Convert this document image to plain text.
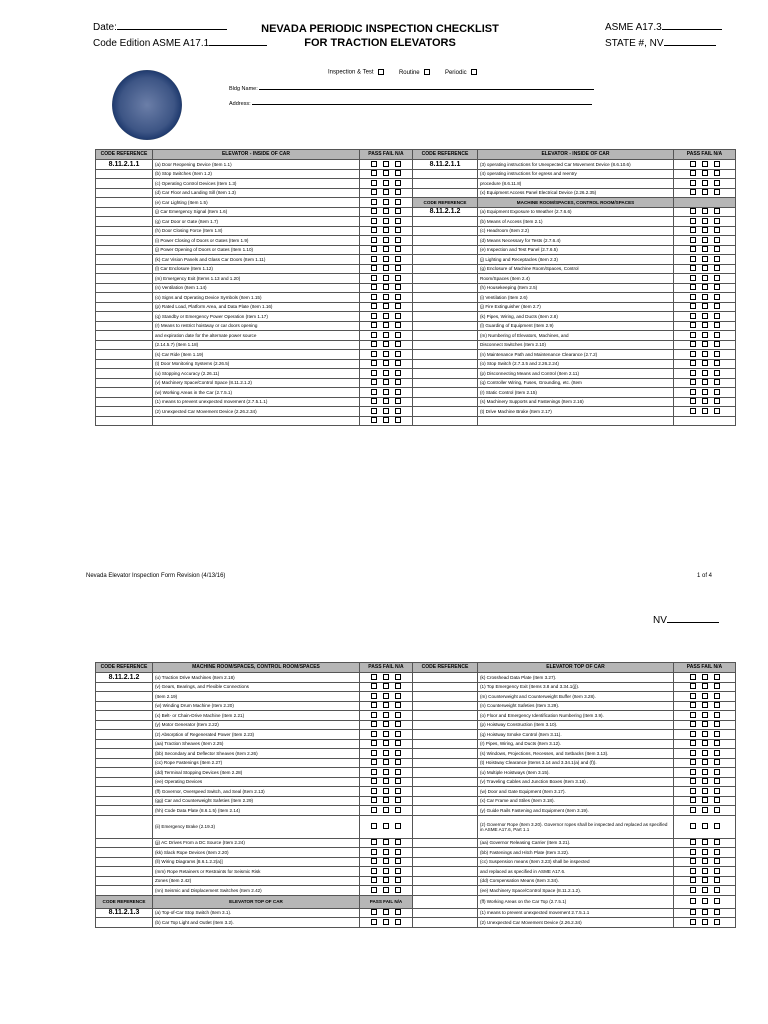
Date:
Code Edition ASME A17.1
NEVADA PERIODIC INSPECTION CHECKLIST
FOR TRACTION ELEVATORS
ASME A17.3
STATE #, NV
Inspection & Test	Routine	Periodic
Bldg Name:
Address:
Nevada Elevator Inspection Form Revision (4/13/16)	1 of 4
NV
CODE REFERENCE	ELEVATOR - INSIDE OF CAR	PASS FAIL N/A	CODE REFERENCE	ELEVATOR - INSIDE OF CAR	PASS FAIL N/A
8.11.2.1.1	(a) Door Reopening Device (Item 1.1)		8.11.2.1.1	(3) operating instructions for Unexpected Car Movement Device (8.6.10.6)	
	(b) Stop Switches (Item 1.2)			(4) operating instructions for egress and reentry	
	(c) Operating Control Devices (Item 1.3)			procedure (8.6.11.8)	
	(d) Car Floor and Landing Sill (Item 1.3)			(x) Equipment Access Panel Electrical Device (2.26.2.35)	
	(e) Car Lighting (Item 1.5)		CODE REFERENCE	MACHINE ROOM/SPACES, CONTROL ROOM/SPACES	
	(j) Car Emergency Signal (Item 1.6)		8.11.2.1.2	(a) Equipment Exposure to Weather (2.7.6.6)	
	(g) Car Door or Gate (Item 1.7)			(b) Means of Access (Item 2.1)	
	(h) Door Closing Force (Item 1.8)			(c) Headroom (Item 2.2)	
	(i) Power Closing of Doors or Gates (Item 1.9)			(d) Means Necessary for Tests (2.7.6.4)	
	(j) Power Opening of Doors or Gates (Item 1.10)			(e) Inspection and Test Panel (2.7.6.5)	
	(k) Car Vision Panels and Glass Car Doors (Item 1.11)			(j) Lighting and Receptacles (Item 2.3)	
	(l) Car Enclosure (Item 1.12)			(g) Enclosure of Machine Room/Spaces, Control	
	(m) Emergency Exit (Items 1.13 and 1.20)			Room/Spaces (Item 2.4)	
	(n) Ventilation (Item 1.14)			(h) Housekeeping (Item 2.5)	
	(o) Signs and Operating Device Symbols (Item 1.15)			(i) Ventilation (Item 2.6)	
	(p) Rated Load, Platform Area, and Data Plate (Item 1.16)			(j) Fire Extinguisher (Item 2.7)	
	(q) Standby or Emergency Power Operation (Item 1.17)			(k) Pipes, Wiring, and Ducts (Item 2.8)	
	(r) Means to restrict hoistway or car doors opening			(l) Guarding of Equipment (Item 2.9)	
	and expiration date for the alternate power source			(m) Numbering of Elevators, Machines, and	
	(2.14.5.7) (Item 1.18)			Disconnect Switches (Item 2.10)	
	(s) Car Ride (Item 1.19)			(n) Maintenance Path and Maintenance Clearance (2.7.2)	
	(t) Door Monitoring Systems (2.26.5)			(o) Stop Switch (2.7.3.5 and 2.26.2.24)	
	(u) Stopping Accuracy (2.26.11)			(p) Disconnecting Means and Control (Item 2.11)	
	(v) Machinery Space/Control Space (8.11.2.1.2)			(q) Controller Wiring, Fuses, Grounding, etc. (Item	
	(w) Working Areas in the Car (2.7.5.1)			(r) Static Control (Item 2.15)	
	(1) means to prevent unexpected movement (2.7.5.1.1)			(s) Machinery Supports and Fastenings (Item 2.16)	
	(2) Unexpected Car Movement Device (2.26.2.34)			(t) Drive Machine Brake (Item 2.17)	

CODE REFERENCE	MACHINE ROOM/SPACES, CONTROL ROOM/SPACES	PASS FAIL N/A	CODE REFERENCE	ELEVATOR TOP OF CAR	PASS FAIL N/A
8.11.2.1.2	(u) Traction Drive Machines (Item 2.18)			(k) Crosshead Data Plate (Item 3.27).	
	(v) Gears, Bearings, and Flexible Connections			(1) Top Emergency Exit (Items 3.8 and 3.34.1(j)).	
	(Item 2.19)			(m) Counterweight and Counterweight Buffer (Item 3.28).	
	(w) Winding Drum Machine (Item 2.20)			(n) Counterweight Safeties (Item 3.29).	
	(x) Belt- or Chain-Drive Machine (Item 2.21)			(o) Floor and Emergency Identification Numbering (Item 3.9).	
	(y) Motor Generator (Item 2.22)			(p) Hoistway Construction (Item 3.10).	
	(z) Absorption of Regenerated Power (Item 2.23)			(q) Hoistway Smoke Control (Item 3.11).	
	(aa) Traction Sheaves (Item 2.25)			(r) Pipes, Wiring, and Ducts (Item 3.12).	
	(bb) Secondary and Deflector Sheaves (Item 2.26)			(s) Windows, Projections, Recesses, and Setbacks (Item 3.13).	
	(cc) Rope Fastenings (Item 2.27)			(t) Hoistway Clearance (Items 3.14 and 3.34.1(a) and (f)).	
	(dd) Terminal Stopping Devices (Item 2.28)			(u) Multiple Hoistways (Item 3.15).	
	(ee) Operating Devices			(v) Traveling Cables and Junction Boxes (Item 3.16) .	
	(ff) Governor, Overspeed Switch, and Seal (Item 2.13)			(w) Door and Gate Equipment (Item 3.17).	
	(gg) Car and Counterweight Safeties (Item 2.29)			(x) Car Frame and Stiles (Item 3.18).	
	(hh) Code Data Plate (8.6.1.5) (Item 2.14)			(y) Guide Rails Fastening and Equipment (Item 3.19).	
	(ii) Emergency Brake (2.19.3)			(z) Governor Rope (Item 3.20). Governor ropes shall be inspected and replaced as specified in ASME A17.6, Part 1.1	
	(jj) AC Drives From a DC Source (Item 2.24)			(aa) Governor Releasing Carrier (Item 3.21).	
	(kk) Slack Rope Devices (Item 2.20)			(bb) Fastenings and Hitch Plate (Item 3.22).	
	(ll) Wiring Diagrams [8.6.1.2.2(a)]			(cc) Suspension means (Item 3.23) shall be inspected	
	(mm) Rope Retainers or Restraints for Seismic Risk			and replaced as specified in ASME A17.6.	
	Zones (Item 2.42)			(dd) Compensation Means (Item 3.34).	
	(nn) Seismic and Displacement Switches (Item 2.42)			(ee) Machinery Space/Control Space (8.11.2.1.2).	
CODE REFERENCE	ELEVATOR TOP OF CAR	PASS FAIL N/A		(ff) Working Areas on the Car Top (2.7.5.1)	
8.11.2.1.3	(a) Top-of-Car Stop Switch (Item 3.1).			(1) means to prevent unexpected movement 2.7.5.1.1	
	(b) Car Top Light and Outlet (Item 3.2).			(2) Unexpected Car Movement Device (2.26.2.34)	
